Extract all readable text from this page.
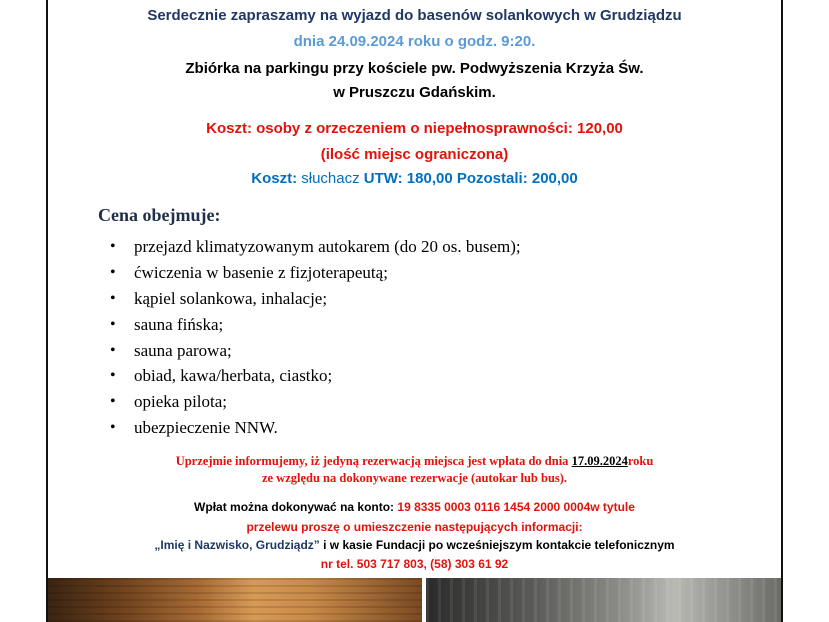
Serdecznie zapraszamy na wyjazd do basenów solankowych w Grudziądzu
dnia 24.09.2024 roku o godz. 9:20.
Zbiórka na parkingu przy kościele pw. Podwyższenia Krzyża Św.
w Pruszczu Gdańskim.
Koszt: osoby z orzeczeniem o niepełnosprawności: 120,00
(ilość miejsc ograniczona)
Koszt: słuchacz UTW: 180,00 Pozostali: 200,00
Cena obejmuje:
• przejazd klimatyzowanym autokarem (do 20 os. busem);
• ćwiczenia w basenie z fizjoterapeutą;
• kąpiel solankowa, inhalacje;
• sauna fińska;
• sauna parowa;
• obiad, kawa/herbata, ciastko;
• opieka pilota;
• ubezpieczenie NNW.
Uprzejmie informujemy, iż jedyną rezerwacją miejsca jest wpłata do dnia 17.09.2024roku
ze względu na dokonywane rezerwacje (autokar lub bus).
Wpłat można dokonywać na konto: 19 8335 0003 0116 1454 2000 0004w tytule
przelewu proszę o umieszczenie następujących informacji:
„Imię i Nazwisko, Grudziądz” i w kasie Fundacji po wcześniejszym kontakcie telefonicznym
nr tel. 503 717 803, (58) 303 61 92
